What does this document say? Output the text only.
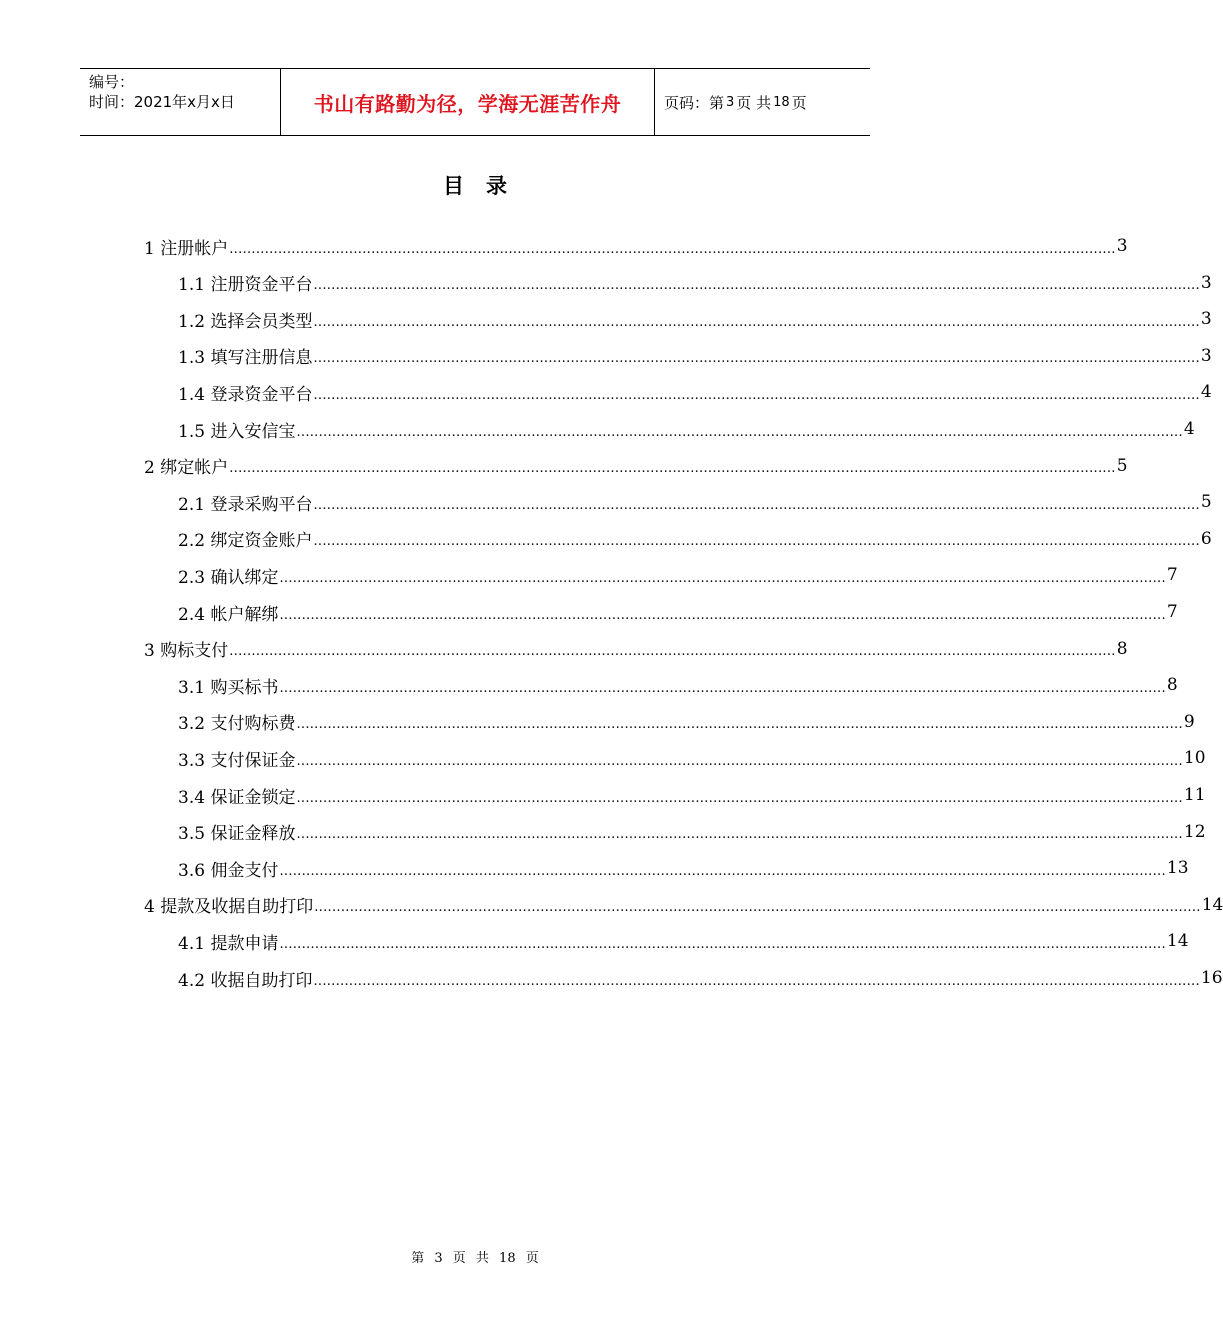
编号：
时间：2021年x月x日	书山有路勤为径，学海无涯苦作舟	页码：第 3 页 共 18 页
目录
1 注册帐户 ........................................................................................................................................................................................................ 3
1.1 注册资金平台 ........................................................................................................................................................................................................ 3
1.2 选择会员类型 ........................................................................................................................................................................................................ 3
1.3 填写注册信息 ........................................................................................................................................................................................................ 3
1.4 登录资金平台 ........................................................................................................................................................................................................ 4
1.5 进入安信宝 ........................................................................................................................................................................................................ 4
2 绑定帐户 ........................................................................................................................................................................................................ 5
2.1 登录采购平台 ........................................................................................................................................................................................................ 5
2.2 绑定资金账户 ........................................................................................................................................................................................................ 6
2.3 确认绑定 ........................................................................................................................................................................................................ 7
2.4 帐户解绑 ........................................................................................................................................................................................................ 7
3 购标支付 ........................................................................................................................................................................................................ 8
3.1 购买标书 ........................................................................................................................................................................................................ 8
3.2 支付购标费 ........................................................................................................................................................................................................ 9
3.3 支付保证金 ........................................................................................................................................................................................................ 10
3.4 保证金锁定 ........................................................................................................................................................................................................ 11
3.5 保证金释放 ........................................................................................................................................................................................................ 12
3.6 佣金支付 ........................................................................................................................................................................................................ 13
4 提款及收据自助打印 ........................................................................................................................................................................................................ 14
4.1 提款申请 ........................................................................................................................................................................................................ 14
4.2 收据自助打印 ........................................................................................................................................................................................................ 16
第 3 页 共 18 页
